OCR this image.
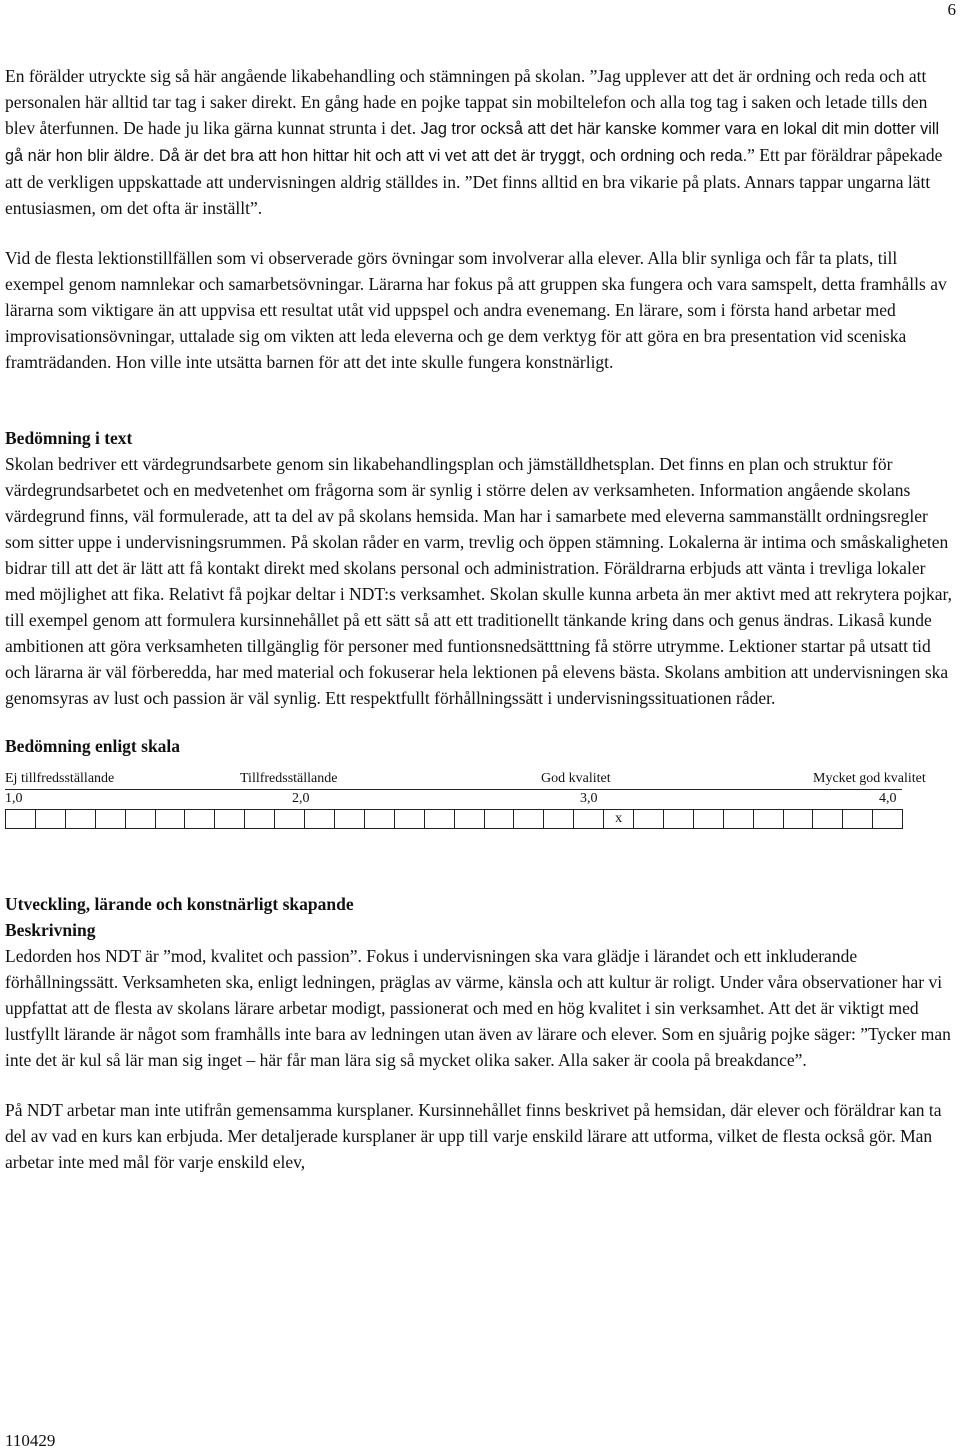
6

En förälder utryckte sig så här angående likabehandling och stämningen på skolan. ”Jag upplever att det är ordning och reda och att personalen här alltid tar tag i saker direkt. En gång hade en pojke tappat sin mobiltelefon och alla tog tag i saken och letade tills den blev återfunnen. De hade ju lika gärna kunnat strunta i det. Jag tror också att det här kanske kommer vara en lokal dit min dotter vill gå när hon blir äldre. Då är det bra att hon hittar hit och att vi vet att det är tryggt, och ordning och reda.” Ett par föräldrar påpekade att de verkligen uppskattade att undervisningen aldrig ställdes in. ”Det finns alltid en bra vikarie på plats. Annars tappar ungarna lätt entusiasmen, om det ofta är inställt”.

Vid de flesta lektionstillfällen som vi observerade görs övningar som involverar alla elever. Alla blir synliga och får ta plats, till exempel genom namnlekar och samarbetsövningar. Lärarna har fokus på att gruppen ska fungera och vara samspelt, detta framhålls av lärarna som viktigare än att uppvisa ett resultat utåt vid uppspel och andra evenemang. En lärare, som i första hand arbetar med improvisationsövningar, uttalade sig om vikten att leda eleverna och ge dem verktyg för att göra en bra presentation vid sceniska framträdanden. Hon ville inte utsätta barnen för att det inte skulle fungera konstnärligt.

Bedömning i text

Skolan bedriver ett värdegrundsarbete genom sin likabehandlingsplan och jämställdhetsplan. Det finns en plan och struktur för värdegrundsarbetet och en medvetenhet om frågorna som är synlig i större delen av verksamheten. Information angående skolans värdegrund finns, väl formulerade, att ta del av på skolans hemsida. Man har i samarbete med eleverna sammanställt ordningsregler som sitter uppe i undervisningsrummen. På skolan råder en varm, trevlig och öppen stämning. Lokalerna är intima och småskaligheten bidrar till att det är lätt att få kontakt direkt med skolans personal och administration. Föräldrarna erbjuds att vänta i trevliga lokaler med möjlighet att fika. Relativt få pojkar deltar i NDT:s verksamhet. Skolan skulle kunna arbeta än mer aktivt med att rekrytera pojkar, till exempel genom att formulera kursinnehållet på ett sätt så att ett traditionellt tänkande kring dans och genus ändras. Likaså kunde ambitionen att göra verksamheten tillgänglig för personer med funtionsnedsätttning få större utrymme. Lektioner startar på utsatt tid och lärarna är väl förberedda, har med material och fokuserar hela lektionen på elevens bästa. Skolans ambition att undervisningen ska genomsyras av lust och passion är väl synlig. Ett respektfullt förhållningssätt i undervisningssituationen råder.

Bedömning enligt skala

Ej tillfredsställande	Tillfredsställande	God kvalitet	Mycket god kvalitet
1,0	2,0	3,0	4,0
x

Utveckling, lärande och konstnärligt skapande

Beskrivning

Ledorden hos NDT är ”mod, kvalitet och passion”. Fokus i undervisningen ska vara glädje i lärandet och ett inkluderande förhållningssätt. Verksamheten ska, enligt ledningen, präglas av värme, känsla och att kultur är roligt. Under våra observationer har vi uppfattat att de flesta av skolans lärare arbetar modigt, passionerat och med en hög kvalitet i sin verksamhet. Att det är viktigt med lustfyllt lärande är något som framhålls inte bara av ledningen utan även av lärare och elever. Som en sjuårig pojke säger: ”Tycker man inte det är kul så lär man sig inget – här får man lära sig så mycket olika saker. Alla saker är coola på breakdance”.

På NDT arbetar man inte utifrån gemensamma kursplaner. Kursinnehållet finns beskrivet på hemsidan, där elever och föräldrar kan ta del av vad en kurs kan erbjuda. Mer detaljerade kursplaner är upp till varje enskild lärare att utforma, vilket de flesta också gör. Man arbetar inte med mål för varje enskild elev,

110429
